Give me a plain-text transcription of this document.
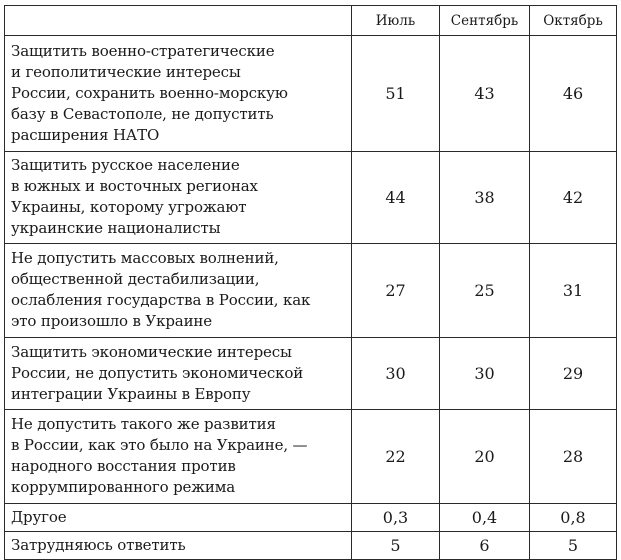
	Июль	Сентябрь	Октябрь

Защитить военно-стратегические
и геополитические интересы
России, сохранить военно-морскую
базу в Севастополе, не допустить
расширения НАТО	51	43	46

Защитить русское население
в южных и восточных регионах
Украины, которому угрожают
украинские националисты	44	38	42

Не допустить массовых волнений,
общественной дестабилизации,
ослабления государства в России, как
это произошло в Украине	27	25	31

Защитить экономические интересы
России, не допустить экономической
интеграции Украины в Европу	30	30	29

Не допустить такого же развития
в России, как это было на Украине, —
народного восстания против
коррумпированного режима	22	20	28

Другое	0,3	0,4	0,8

Затрудняюсь ответить	5	6	5
